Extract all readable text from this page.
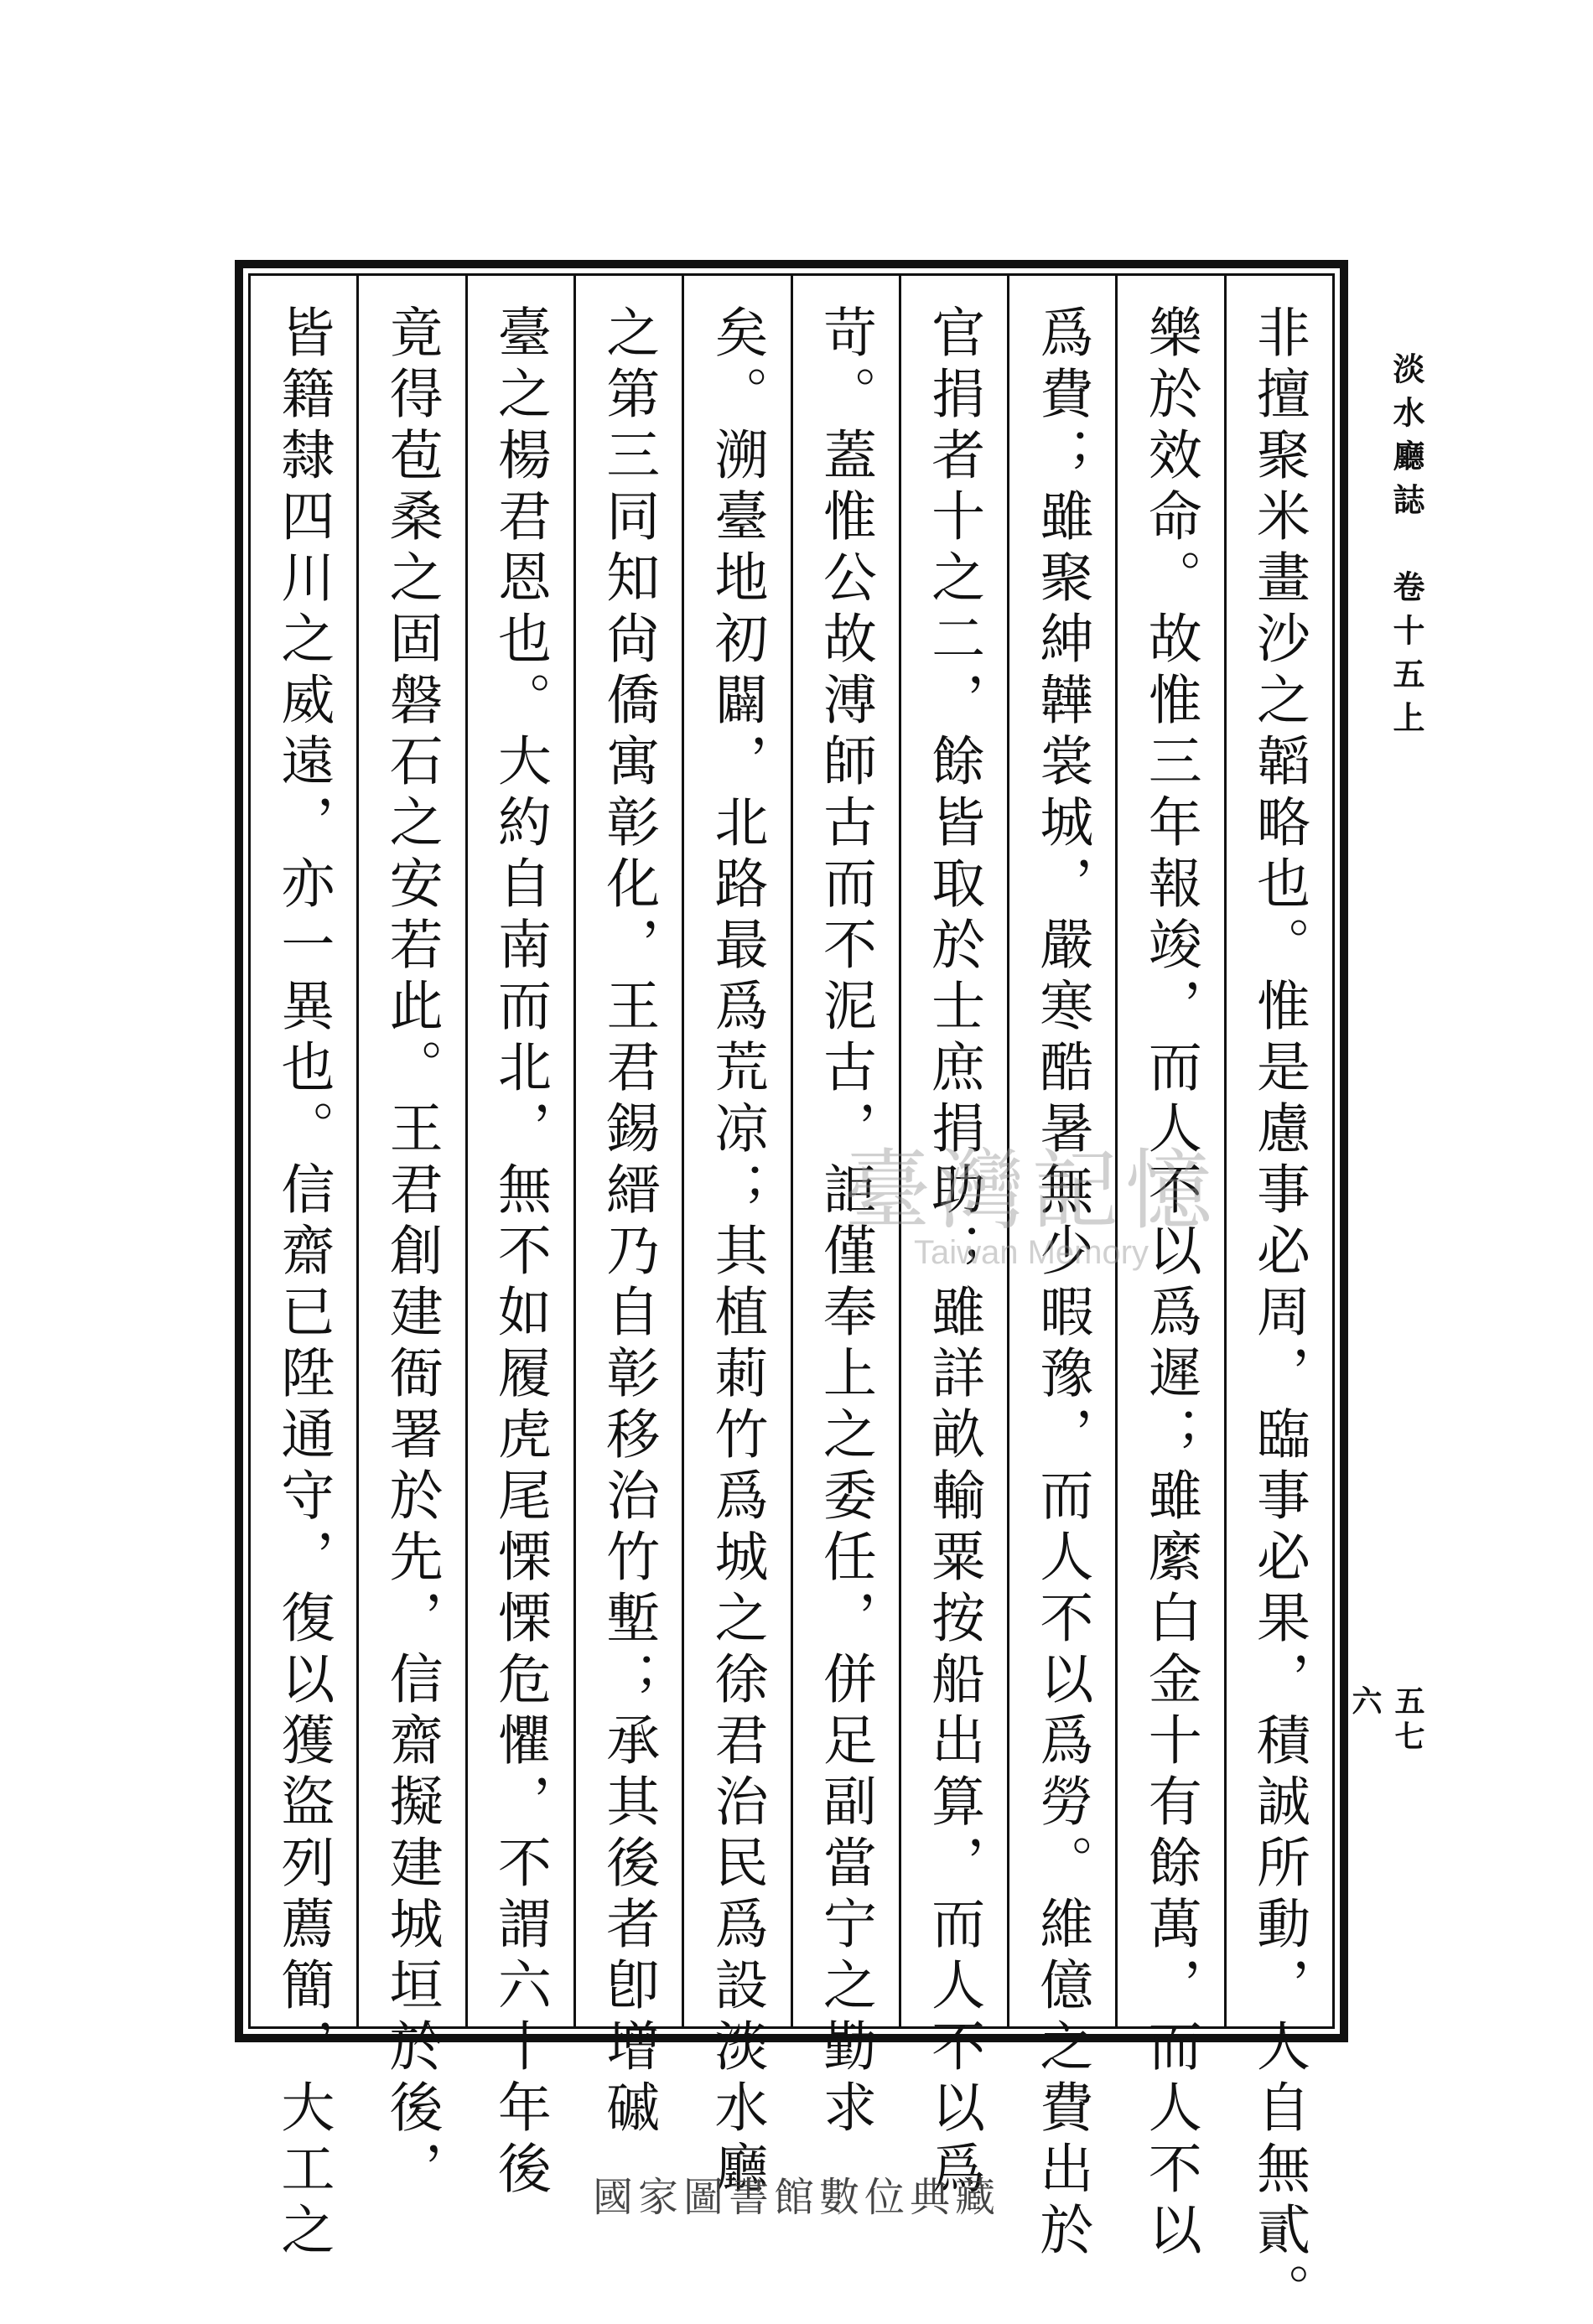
非擅聚米畫沙之韜略也。惟是慮事必周，臨事必果，積誠所動，人自無貳。
樂於效命。故惟三年報竣，而人不以爲遲；雖縻白金十有餘萬，而人不以
爲費；雖聚紳韡裳城，嚴寒酷暑無少暇豫，而人不以爲勞。維億之費出於
官捐者十之二，餘皆取於士庶捐助；雖詳畝輸粟按船出算，而人不以爲
苛。蓋惟公故溥師古而不泥古，詎僅奉上之委任，併足副當宁之勤求
矣。溯臺地初闢，北路最爲荒凉；其植莿竹爲城之徐君治民爲設淡水廳
之第三同知尙僑寓彰化，王君錫縉乃自彰移治竹塹；承其後者卽增磩
臺之楊君恩也。大約自南而北，無不如履虎尾慄慄危懼，不謂六十年後
竟得苞桑之固磐石之安若此。王君創建衙署於先，信齋擬建城垣於後，
皆籍隸四川之威遠，亦一異也。信齋已陞通守，復以獲盜列薦簡，大工之	淡水廳誌　卷十五上
五七六
臺灣記憶
Taiwan Memory
國家圖書館數位典藏
